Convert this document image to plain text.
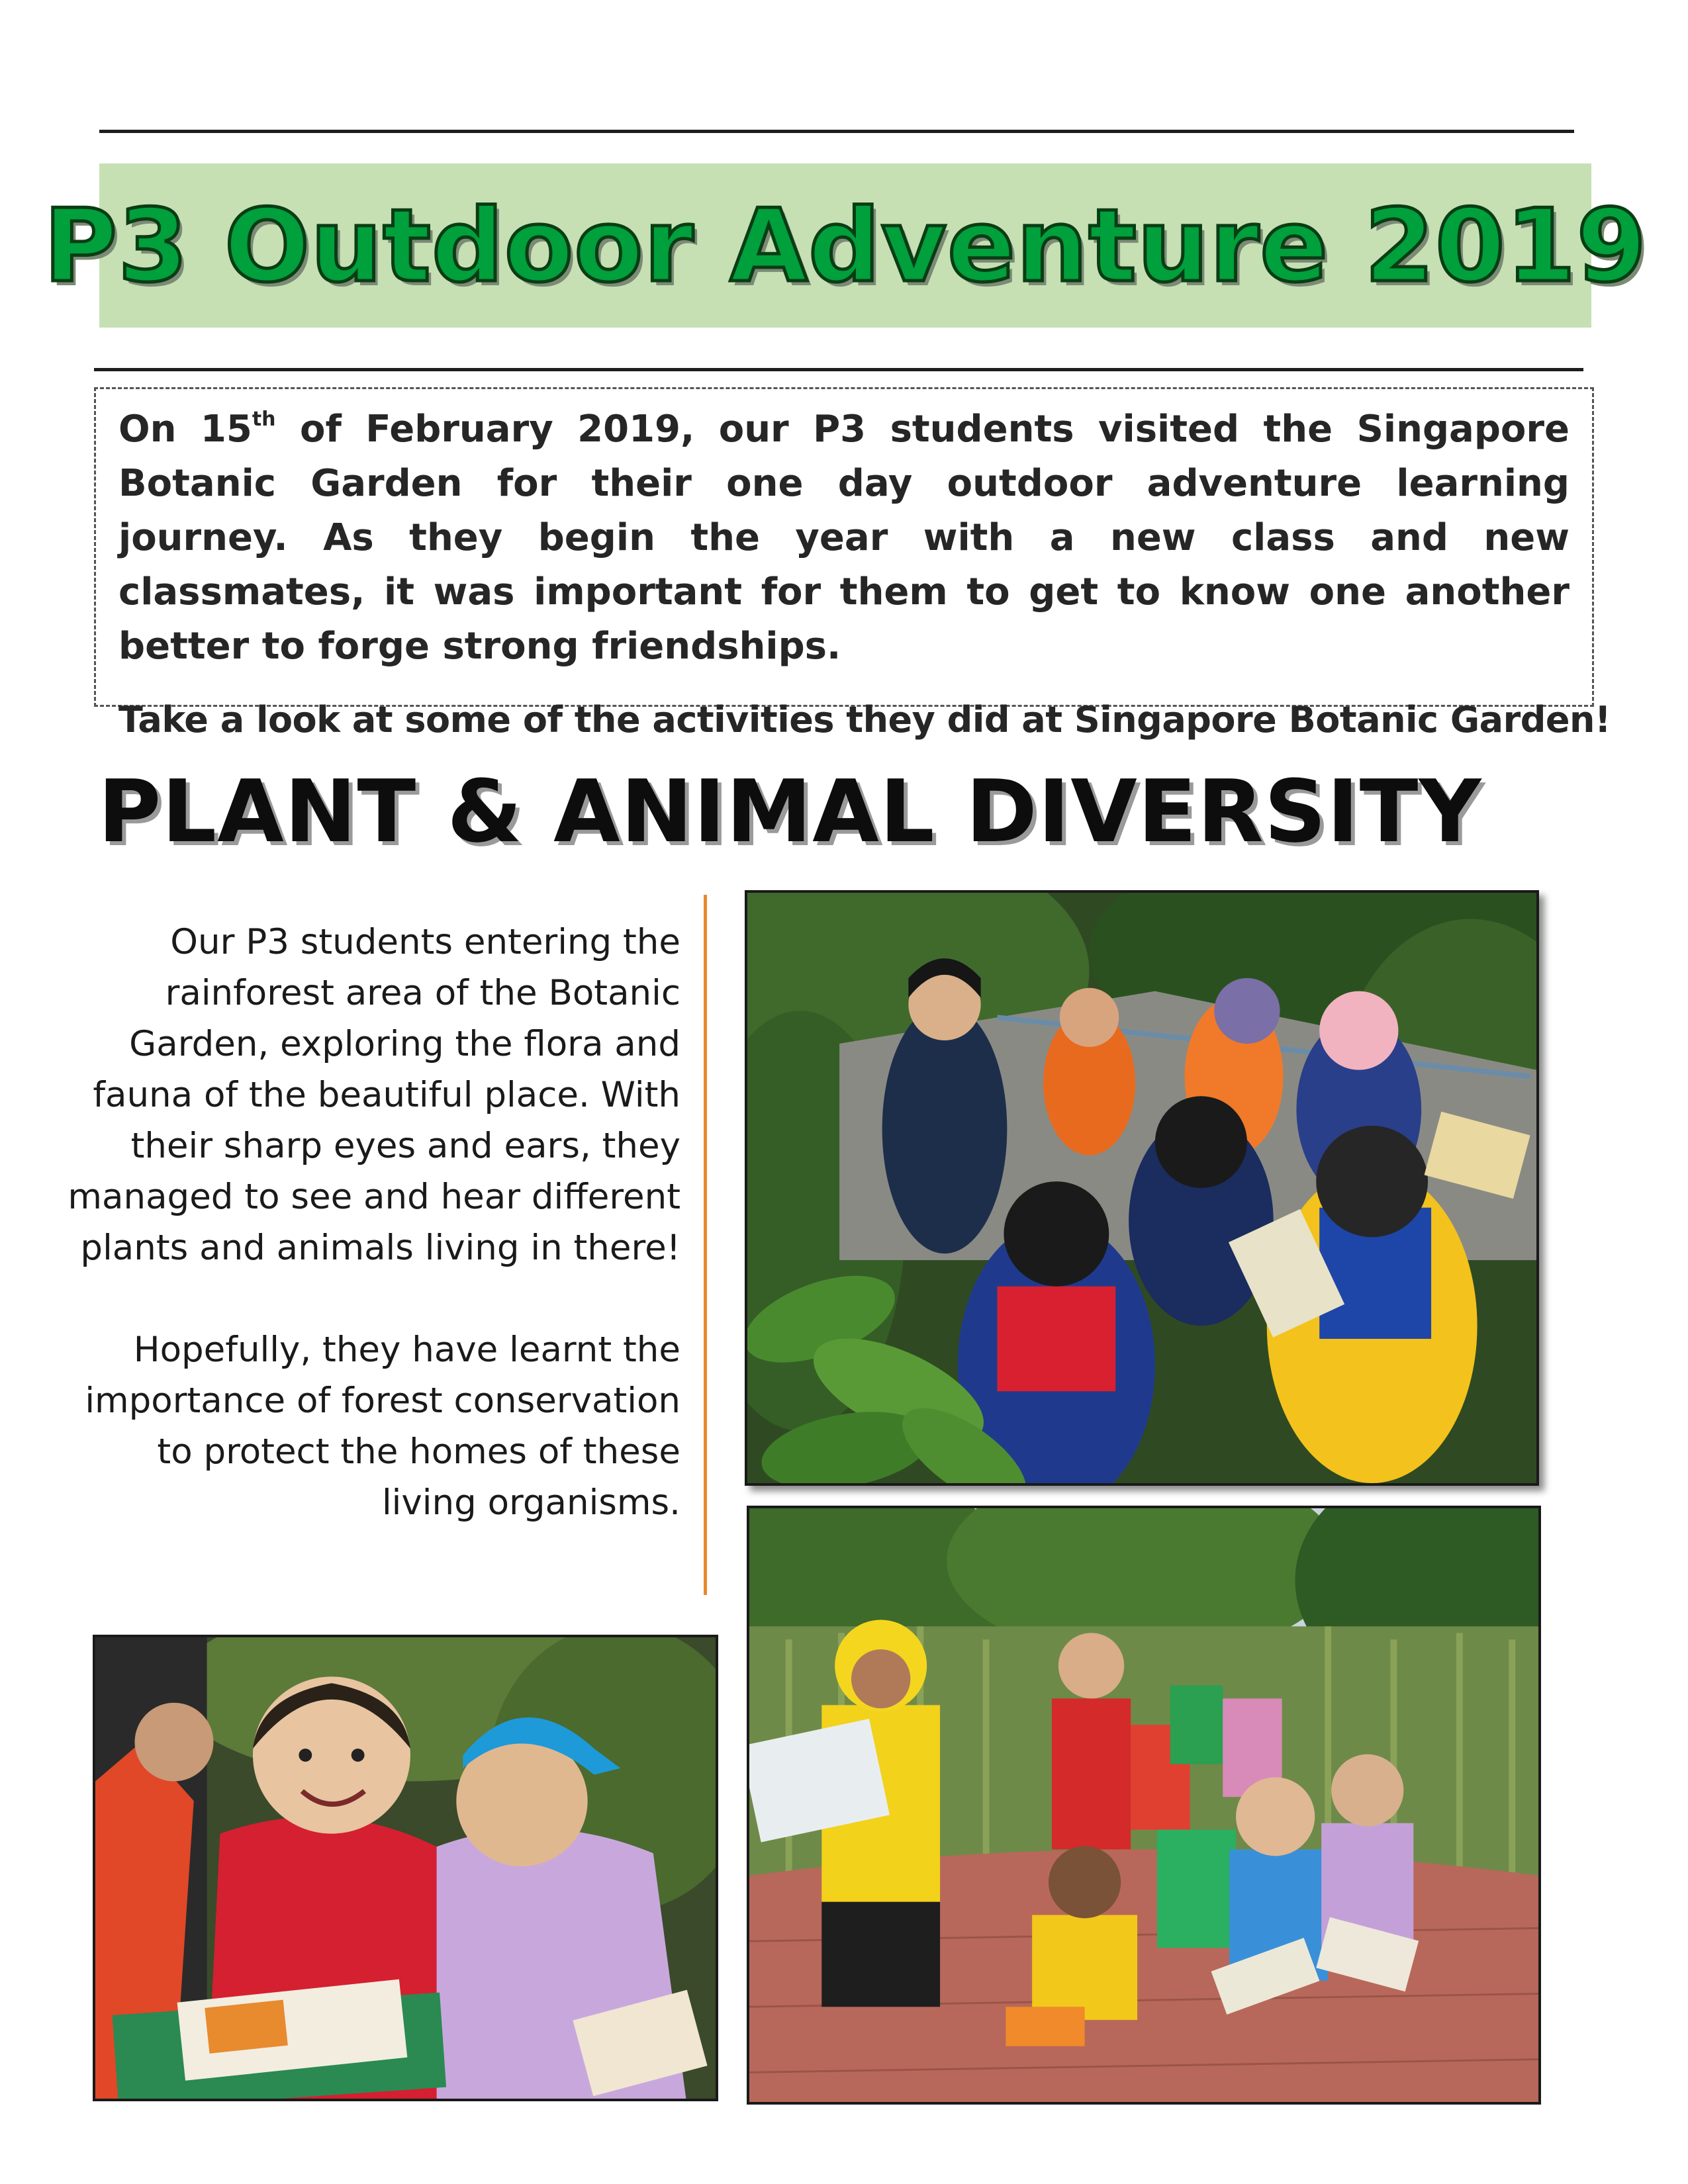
P3 Outdoor Adventure 2019

On 15th of February 2019, our P3 students visited the Singapore Botanic Garden for their one day outdoor adventure learning journey. As they begin the year with a new class and new classmates, it was important for them to get to know one another better to forge strong friendships.

Take a look at some of the activities they did at Singapore Botanic Garden!

PLANT & ANIMAL DIVERSITY

Our P3 students entering the rainforest area of the Botanic Garden, exploring the flora and fauna of the beautiful place. With their sharp eyes and ears, they managed to see and hear different plants and animals living in there!

Hopefully, they have learnt the importance of forest conservation to protect the homes of these living organisms.
